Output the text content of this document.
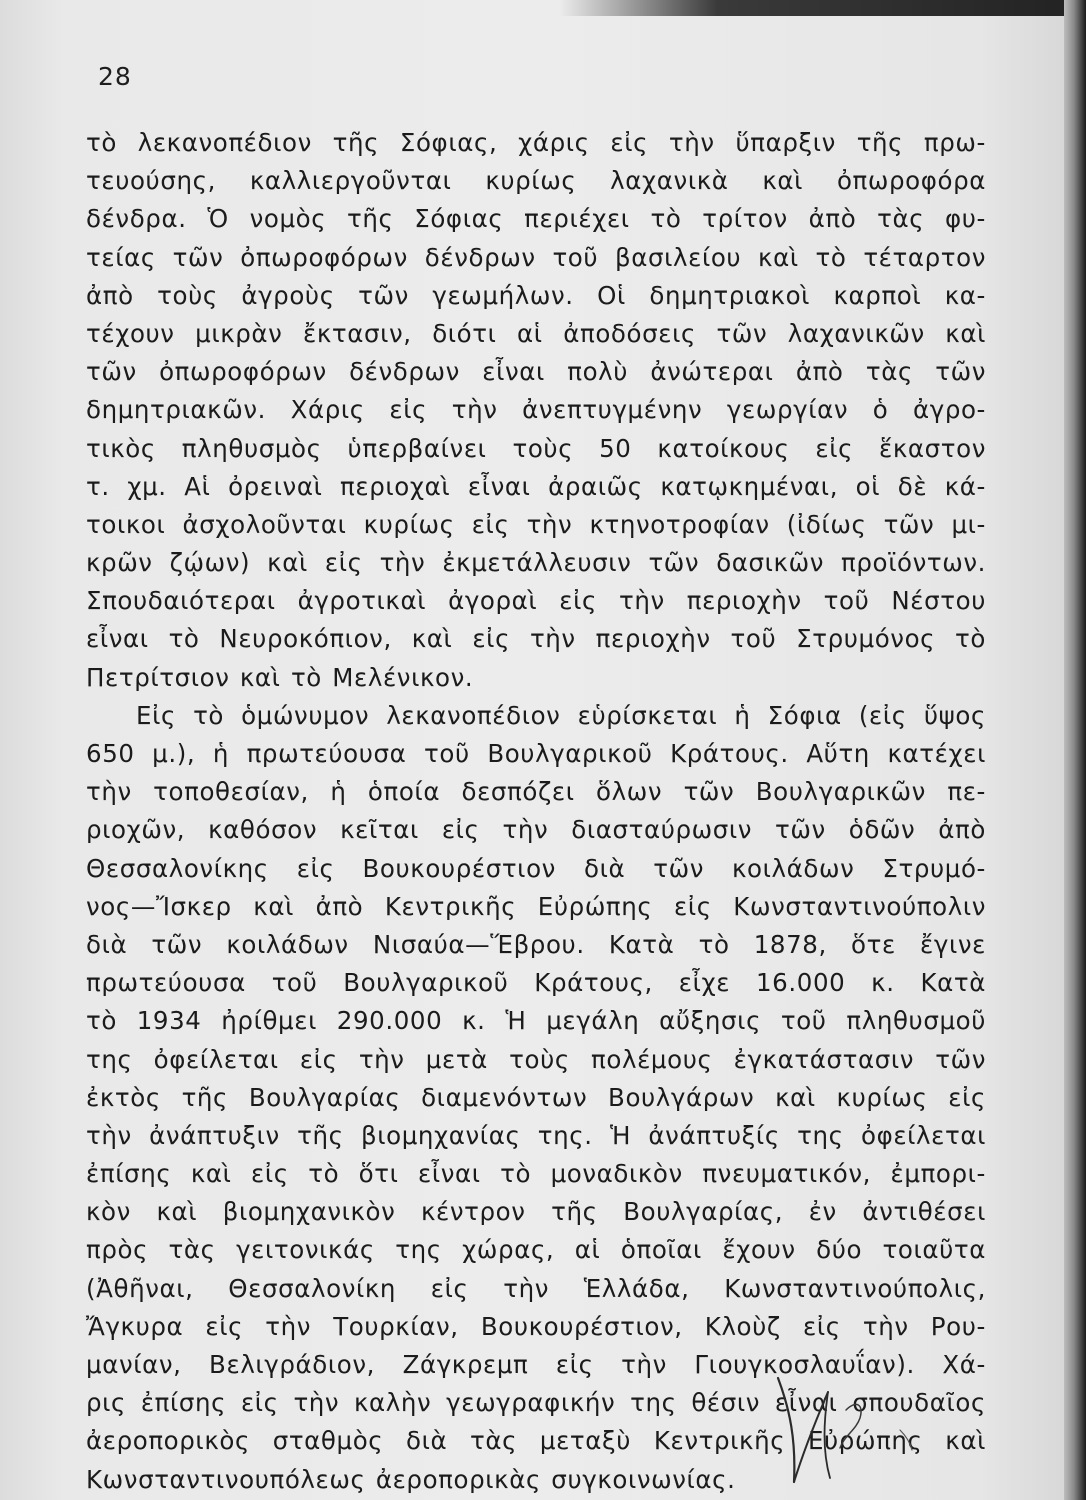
28
τὸ λεκανοπέδιον τῆς Σόφιας, χάρις εἰς τὴν ὕπαρξιν τῆς πρω-
τευούσης, καλλιεργοῦνται κυρίως λαχανικὰ καὶ ὀπωροφόρα
δένδρα. Ὁ νομὸς τῆς Σόφιας περιέχει τὸ τρίτον ἀπὸ τὰς φυ-
τείας τῶν ὀπωροφόρων δένδρων τοῦ βασιλείου καὶ τὸ τέταρτον
ἀπὸ τοὺς ἀγροὺς τῶν γεωμήλων. Οἱ δημητριακοὶ καρποὶ κα-
τέχουν μικρὰν ἔκτασιν, διότι αἱ ἀποδόσεις τῶν λαχανικῶν καὶ
τῶν ὀπωροφόρων δένδρων εἶναι πολὺ ἀνώτεραι ἀπὸ τὰς τῶν
δημητριακῶν. Χάρις εἰς τὴν ἀνεπτυγμένην γεωργίαν ὁ ἀγρο-
τικὸς πληθυσμὸς ὑπερβαίνει τοὺς 50 κατοίκους εἰς ἕκαστον
τ. χμ. Αἱ ὀρειναὶ περιοχαὶ εἶναι ἀραιῶς κατῳκημέναι, οἱ δὲ κά-
τοικοι ἀσχολοῦνται κυρίως εἰς τὴν κτηνοτροφίαν (ἰδίως τῶν μι-
κρῶν ζῴων) καὶ εἰς τὴν ἐκμετάλλευσιν τῶν δασικῶν προϊόντων.
Σπουδαιότεραι ἀγροτικαὶ ἀγοραὶ εἰς τὴν περιοχὴν τοῦ Νέστου
εἶναι τὸ Νευροκόπιον, καὶ εἰς τὴν περιοχὴν τοῦ Στρυμόνος τὸ
Πετρίτσιον καὶ τὸ Μελένικον.
Εἰς τὸ ὁμώνυμον λεκανοπέδιον εὑρίσκεται ἡ Σόφια (εἰς ὕψος
650 μ.), ἡ πρωτεύουσα τοῦ Βουλγαρικοῦ Κράτους. Αὕτη κατέχει
τὴν τοποθεσίαν, ἡ ὁποία δεσπόζει ὅλων τῶν Βουλγαρικῶν πε-
ριοχῶν, καθόσον κεῖται εἰς τὴν διασταύρωσιν τῶν ὁδῶν ἀπὸ
Θεσσαλονίκης εἰς Βουκουρέστιον διὰ τῶν κοιλάδων Στρυμό-
νος—Ἴσκερ καὶ ἀπὸ Κεντρικῆς Εὐρώπης εἰς Κωνσταντινούπολιν
διὰ τῶν κοιλάδων Νισαύα—Ἕβρου. Κατὰ τὸ 1878, ὅτε ἔγινε
πρωτεύουσα τοῦ Βουλγαρικοῦ Κράτους, εἶχε 16.000 κ. Κατὰ
τὸ 1934 ἠρίθμει 290.000 κ. Ἡ μεγάλη αὔξησις τοῦ πληθυσμοῦ
της ὀφείλεται εἰς τὴν μετὰ τοὺς πολέμους ἐγκατάστασιν τῶν
ἐκτὸς τῆς Βουλγαρίας διαμενόντων Βουλγάρων καὶ κυρίως εἰς
τὴν ἀνάπτυξιν τῆς βιομηχανίας της. Ἡ ἀνάπτυξίς της ὀφείλεται
ἐπίσης καὶ εἰς τὸ ὅτι εἶναι τὸ μοναδικὸν πνευματικόν, ἐμπορι-
κὸν καὶ βιομηχανικὸν κέντρον τῆς Βουλγαρίας, ἐν ἀντιθέσει
πρὸς τὰς γειτονικάς της χώρας, αἱ ὁποῖαι ἔχουν δύο τοιαῦτα
(Ἀθῆναι, Θεσσαλονίκη εἰς τὴν Ἑλλάδα, Κωνσταντινούπολις,
Ἄγκυρα εἰς τὴν Τουρκίαν, Βουκουρέστιον, Κλοὺζ εἰς τὴν Ρου-
μανίαν, Βελιγράδιον, Ζάγκρεμπ εἰς τὴν Γιουγκοσλαυΐαν). Χά-
ρις ἐπίσης εἰς τὴν καλὴν γεωγραφικήν της θέσιν εἶναι σπουδαῖος
ἀεροπορικὸς σταθμὸς διὰ τὰς μεταξὺ Κεντρικῆς Εὐρώπης καὶ
Κωνσταντινουπόλεως ἀεροπορικὰς συγκοινωνίας.
